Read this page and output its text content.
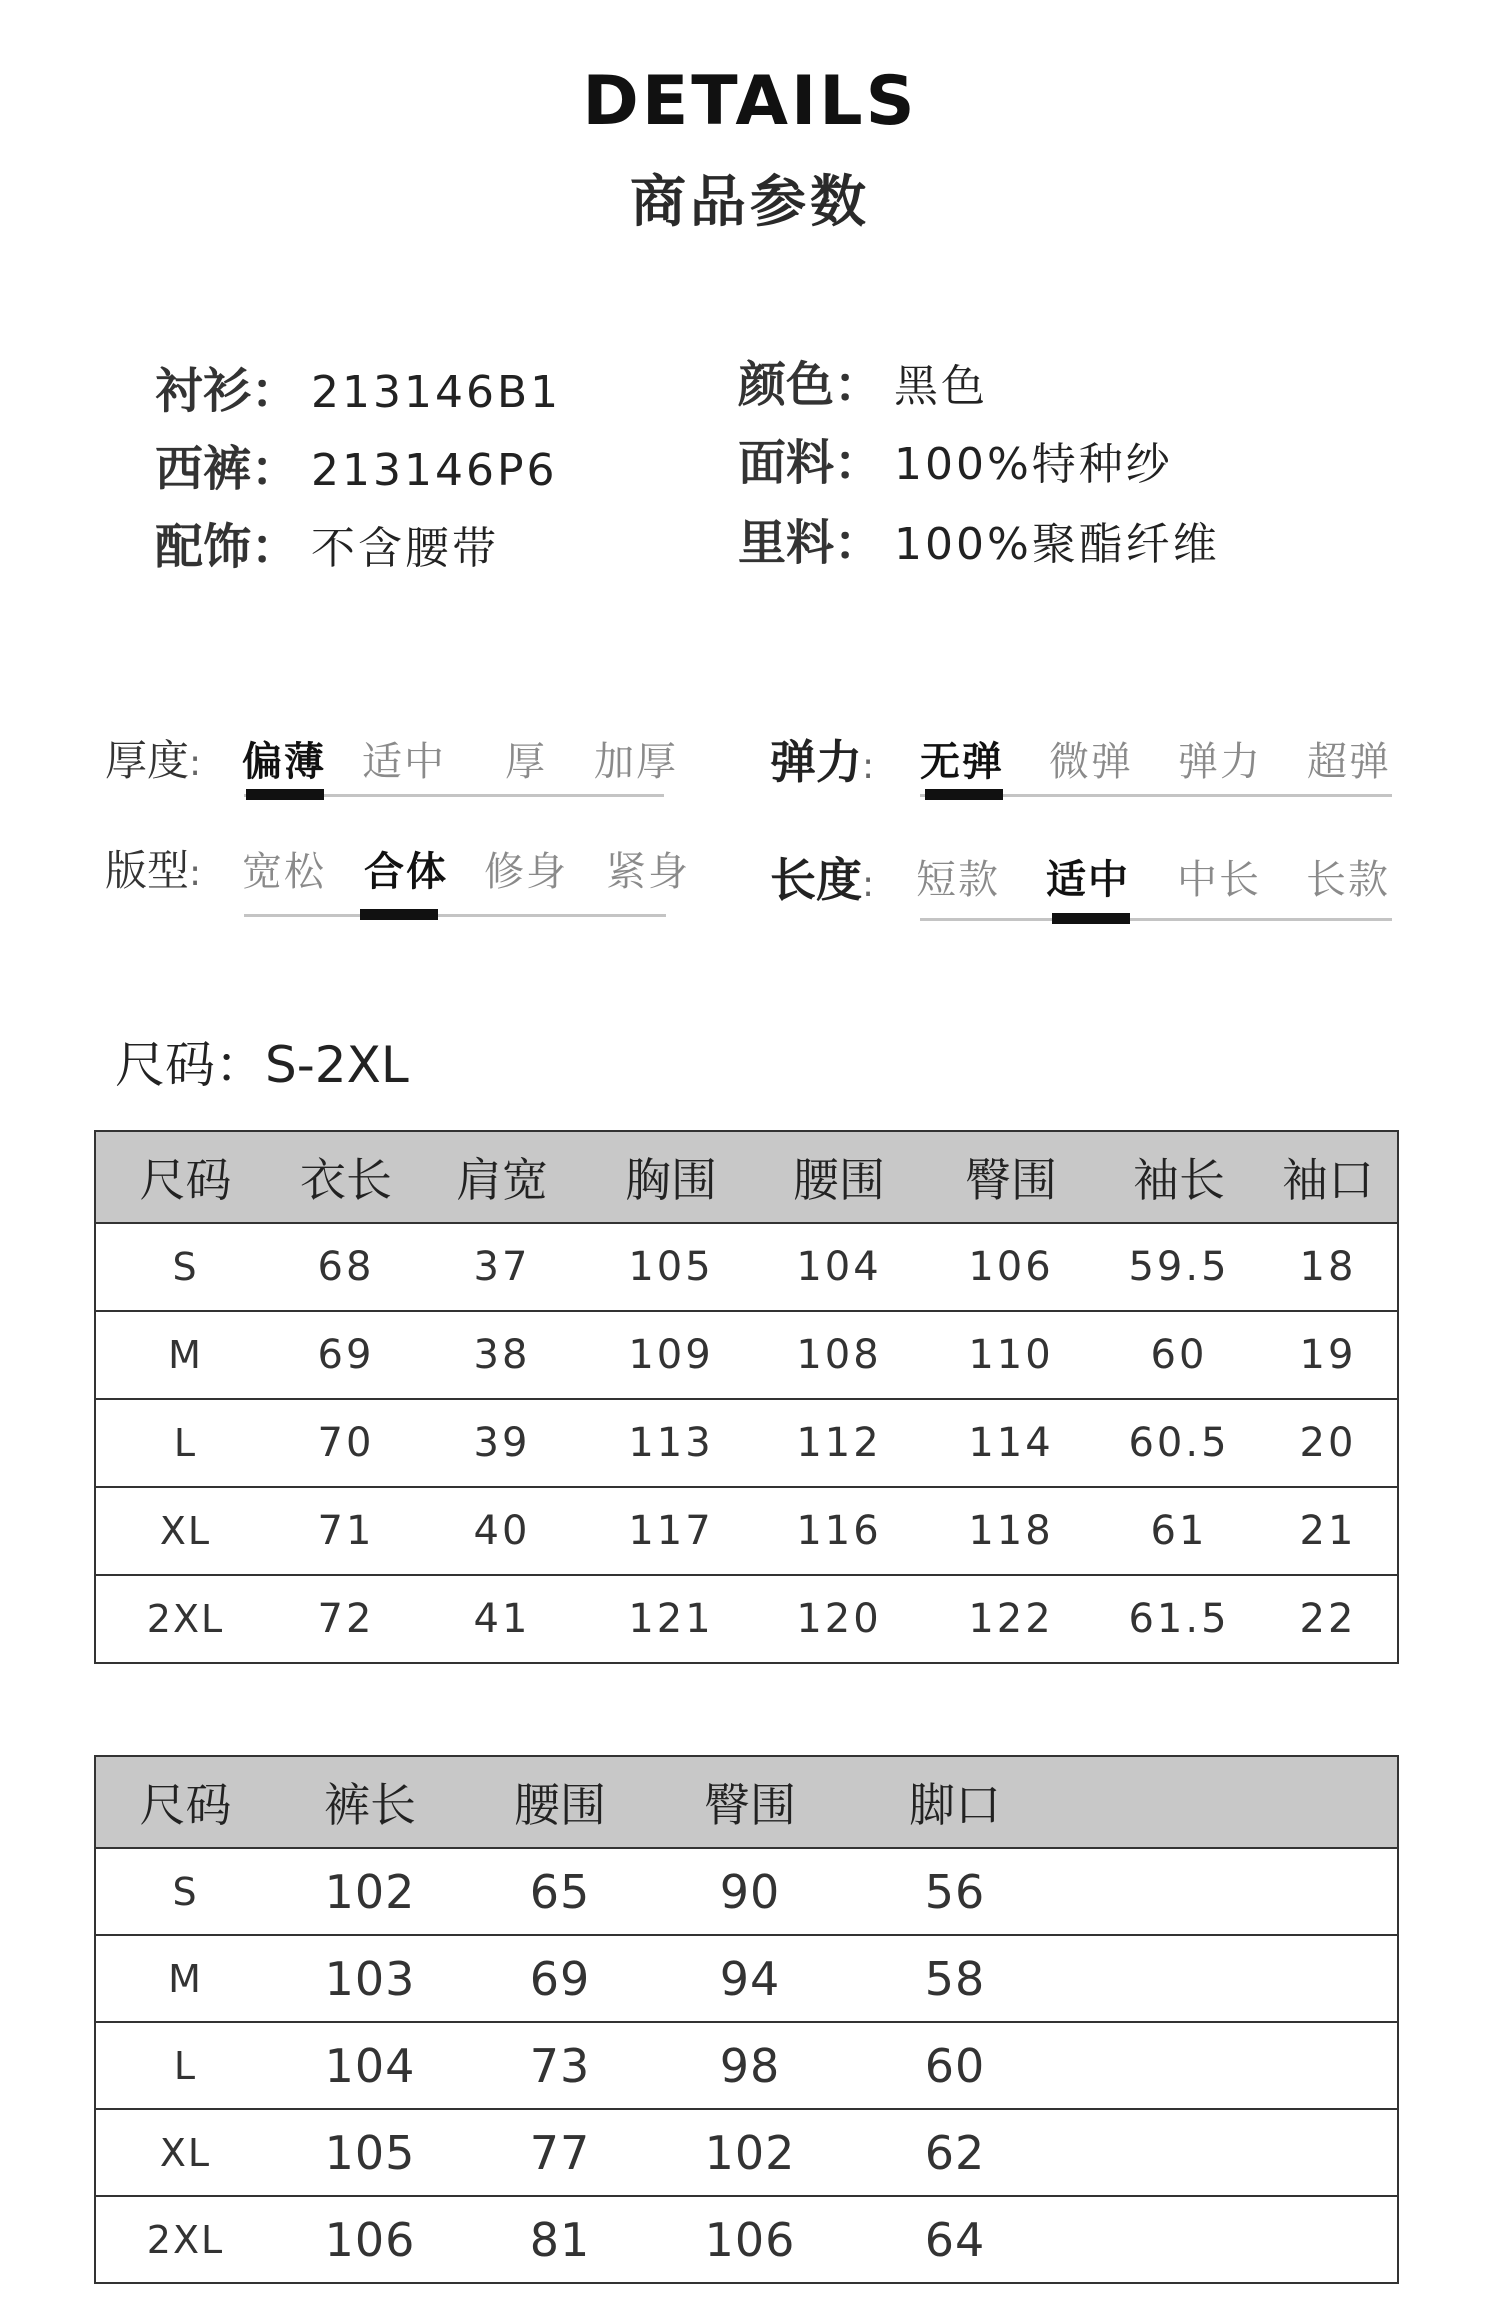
DETAILS
商品参数
衬衫： 213146B1
西裤： 213146P6
配饰： 不含腰带
颜色： 黑色
面料： 100%特种纱
里料： 100%聚酯纤维
厚度: 偏薄 适中 厚 加厚 弹力: 无弹 微弹 弹力 超弹
版型: 宽松 合体 修身 紧身 长度: 短款 适中 中长 长款
尺码：S-2XL
尺码	衣长	肩宽	胸围	腰围	臀围	袖长	袖口
S	68	37	105	104	106	59.5	18
M	69	38	109	108	110	60	19
L	70	39	113	112	114	60.5	20
XL	71	40	117	116	118	61	21
2XL	72	41	121	120	122	61.5	22
尺码	裤长	腰围	臀围	脚口	
S	102	65	90	56	
M	103	69	94	58	
L	104	73	98	60	
XL	105	77	102	62	
2XL	106	81	106	64	
